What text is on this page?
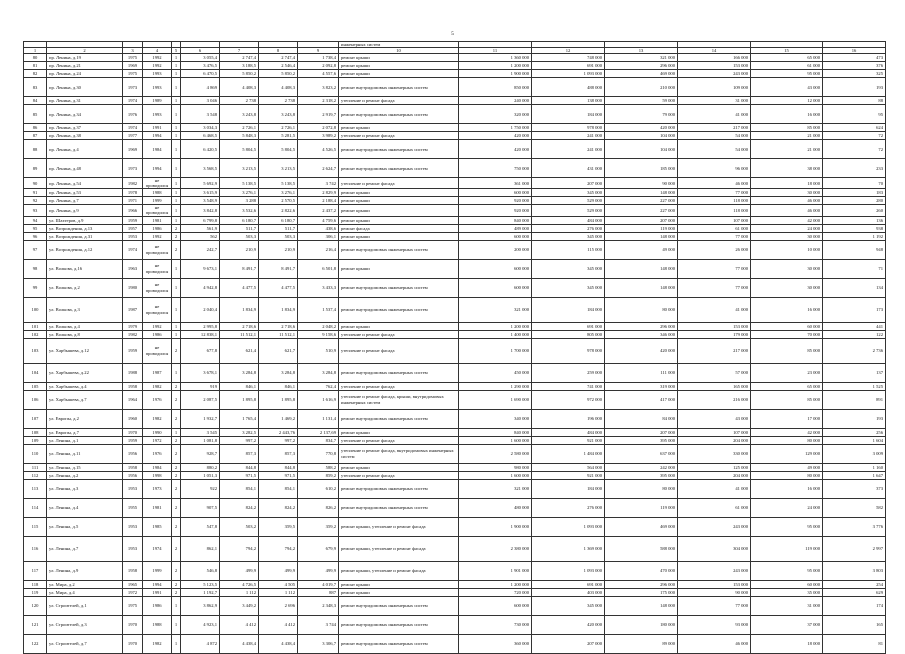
5
									инженерных систем						
1	2	3	4	5	6	7	8	9	10	11	12	13	14	15	16
80	пр. Ленина, д.19	1975	1992	1	3 055,4	2 747,4	2 747,4	1 738,4	ремонт крыши	1 360 000	748 000	321 000	166 000	65 000	473
81	пр. Ленина, д.21	1969	1992	1	3 476,5	3 188,5	2 546,4	2 092,8	ремонт крыши	1 200 000	691 000	296 000	153 000	61 000	376
82	пр. Ленина, д.24	1975	1993	1	6 470,5	5 850,2	5 850,2	4 557,6	ремонт крыши	1 900 000	1 093 000	469 000	243 000	95 000	325
83	пр. Ленина, д.30	1973	1993	1	4 869	4 408,3	4 408,3	3 823,2	ремонт внутридомовых инженерных систем	850 000	488 000	210 000	109 000	43 000	193
84	пр. Ленина, д.31	1974	1989	1	3 046	2 738	2 738	2 318,2	утепление и ремонт фасада	240 000	138 000	59 000	31 000	12 000	88
85	пр. Ленина, д.34	1976	1993	1	3 548	3 243,8	3 243,8	2 919,7	ремонт внутридомовых инженерных систем	320 000	184 000	79 000	41 000	16 000	95
86	пр. Ленина, д.37	1974	1991	1	3 034,3	2 726,1	2 726,1	2 072,8	ремонт крыши	1 750 000	978 000	420 000	217 000	85 000	624
87	пр. Ленина, д.38	1977	1994	1	6 468,5	5 848,3	5 281,5	3 989,2	утепление и ремонт фасада	420 000	241 000	104 000	54 000	21 000	72
88	пр. Ленина, д.4	1969	1984	1	6 420,5	5 804,5	5 804,5	4 526,5	ремонт внутридомовых инженерных систем	420 000	241 000	104 000	54 000	21 000	72
89	пр. Ленина, д.48	1973	1994	1	3 568,5	3 213,5	3 213,5	2 624,7	ремонт внутридомовых инженерных систем	750 000	431 000	185 000	96 000	38 000	233
90	пр. Ленина, д.54	1982	не проводился	1	5 692,9	5 138,5	5 138,5	3 742	утепление и ремонт фасада	361 000	207 000	90 000	46 000	18 000	70
91	пр. Ленина, д.53	1978	1988	1	3 615,9	3 276,1	3 276,1	2 829,9	ремонт крыши	600 000	345 000	148 000	77 000	30 000	183
92	пр. Ленина, д.7	1971	1999	1	3 548,9	3 288	2 570,5	2 188,4	ремонт крыши	920 000	529 000	227 000	118 000	46 000	280
93	пр. Ленина, д.9	1966	не проводился	1	3 842,8	3 532,6	2 822,6	2 437,2	ремонт крыши	920 000	529 000	227 000	118 000	46 000	260
94	ул. Шахтеров, д.9	1959	1981	1	6 799,8	6 180,7	6 180,7	4 759,6	ремонт крыши	840 000	484 000	207 000	107 000	42 000	136
95	ул. Возрождения, д.13	1957	1986	2	561,9	511,7	511,7	438,6	ремонт фасада	489 000	276 000	119 000	61 000	24 000	938
96	ул. Возрождения, д.31	1953	1992	2	562	503,3	503,3	306,1	ремонт крыши	600 000	345 000	148 000	77 000	30 000	1 192
97	ул. Возрождения, д.12	1974	не проводился	2	242,7	210,9	210,9	216,4	ремонт внутридомовых инженерных систем	200 000	115 000	49 000	26 000	10 000	948
98	ул. Волкова, д.16	1963	не проводился	1	9 673,1	8 491,7	8 491,7	6 501,8	ремонт крыши	600 000	345 000	148 000	77 000	30 000	71
99	ул. Волкова, д.2	1980	не проводился	1	4 942,8	4 477,5	4 477,5	3 433,3	ремонт внутридомовых инженерных систем	600 000	345 000	148 000	77 000	30 000	134
100	ул. Волкова, д.3	1987	не проводился	1	2 040,4	1 834,9	1 834,9	1 537,4	ремонт внутридомовых инженерных систем	321 000	184 000	80 000	41 000	16 000	173
101	ул. Волкова, д.4	1979	1992	1	2 995,8	2 718,6	2 718,6	2 048,2	ремонт крыши	1 200 000	691 000	296 000	153 000	60 000	441
102	ул. Волкова, д.8	1982	1986	1	12 838,1	11 512,1	11 512,1	9 158,6	утепление и ремонт фасада	1 400 000	805 000	346 000	179 000	70 000	122
103	ул. Харбышева, д.12	1959	не проводился	2	677,8	621,4	621,7	510,9	утепление и ремонт фасада	1 700 000	978 000	420 000	217 000	85 000	2 736
104	ул. Харбышева, д.22	1988	1987	1	3 678,1	3 284,8	3 284,8	3 284,8	ремонт внутридомовых инженерных систем	450 000	259 000	111 000	57 000	23 000	137
105	ул. Харбышева, д.4	1958	1982	2	919	846,1	846,1	762,4	утепление и ремонт фасада	1 290 000	741 000	319 000	165 000	65 000	1 525
106	ул. Харбышева, д.7	1964	1976	2	2 087,5	1 895,8	1 895,8	1 616,9	утепление и ремонт фасада, крыши, внутридомовых инженерных систем	1 690 000	972 000	417 000	216 000	85 000	891
107	ул. Европы, д.2	1960	1982	2	1 932,7	1 765,4	1 469,2	1 131,4	ремонт внутридомовых инженерных систем	340 000	196 000	84 000	43 000	17 000	193
108	ул. Европы, д.7	1970	1990	1	3 545	3 282,5	2 443,76	2 137,69	ремонт крыши	840 000	484 000	207 000	107 000	42 000	256
109	ул. Ленина, д.1	1959	1972	2	1 081,8	997,2	997,2	834,7	утепление и ремонт фасада	1 600 000	921 000	395 000	204 000	80 000	1 604
110	ул. Ленина, д.11	1956	1976	2	928,7	857,3	857,3	770,8	утепление и ремонт фасада, внутридомовых инженерных систем	2 580 000	1 484 000	637 000	330 000	129 000	3 009
111	ул. Ленина, д.15	1958	1984	2	880,2	844,8	844,8	588,2	ремонт крыши	980 000	564 000	242 000	125 000	49 000	1 160
112	ул. Ленина, д.2	1956	1998	2	1 051,3	971,5	971,5	859,2	утепление и ремонт фасада	1 600 000	921 000	395 000	204 000	80 000	1 647
113	ул. Ленина, д.3	1953	1973	2	922	854,1	854,1	610,2	ремонт внутридомовых инженерных систем	321 000	184 000	80 000	41 000	16 000	373
114	ул. Ленина, д.4	1955	1981	2	907,5	824,2	824,2	826,2	ремонт внутридомовых инженерных систем	480 000	276 000	119 000	61 000	24 000	582
115	ул. Ленина, д.5	1953	1985	2	547,8	503,2	359,5	359,2	ремонт крыши, утепление и ремонт фасада	1 900 000	1 093 000	469 000	243 000	95 000	3 776
116	ул. Ленина, д.7	1953	1974	2	862,1	794,2	794,2	679,9	ремонт крыши, утепление и ремонт фасада	2 380 000	1 369 000	588 000	304 000	119 000	2 997
117	ул. Ленина, д.9	1958	1999	2	546,8	499,9	499,9	499,9	ремонт крыши, утепление и ремонт фасада	1 901 000	1 093 000	470 000	243 000	95 000	3 803
118	ул. Мира, д.2	1965	1994	2	5 123,5	4 726,5	4 505	4 019,7	ремонт крыши	1 200 000	691 000	296 000	153 000	60 000	254
119	ул. Мира, д.4	1972	1991	2	1 192,7	1 112	1 112	887	ремонт крыши	720 000	403 000	175 000	90 000	35 000	629
120	ул. Строителей, д.1	1975	1986	1	3 862,9	3 449,2	2 696	2 348,3	ремонт внутридомовых инженерных систем	600 000	345 000	148 000	77 000	31 000	174
121	ул. Строителей, д.3	1970	1988	1	4 923,1	4 412	4 412	3 744	ремонт внутридомовых инженерных систем	730 000	420 000	180 000	93 000	37 000	165
122	ул. Строителей, д.7	1970	1982	1	4 872	4 438,4	4 438,4	3 306,7	ремонт внутридомовых инженерных систем	360 000	207 000	89 000	46 000	18 000	81
